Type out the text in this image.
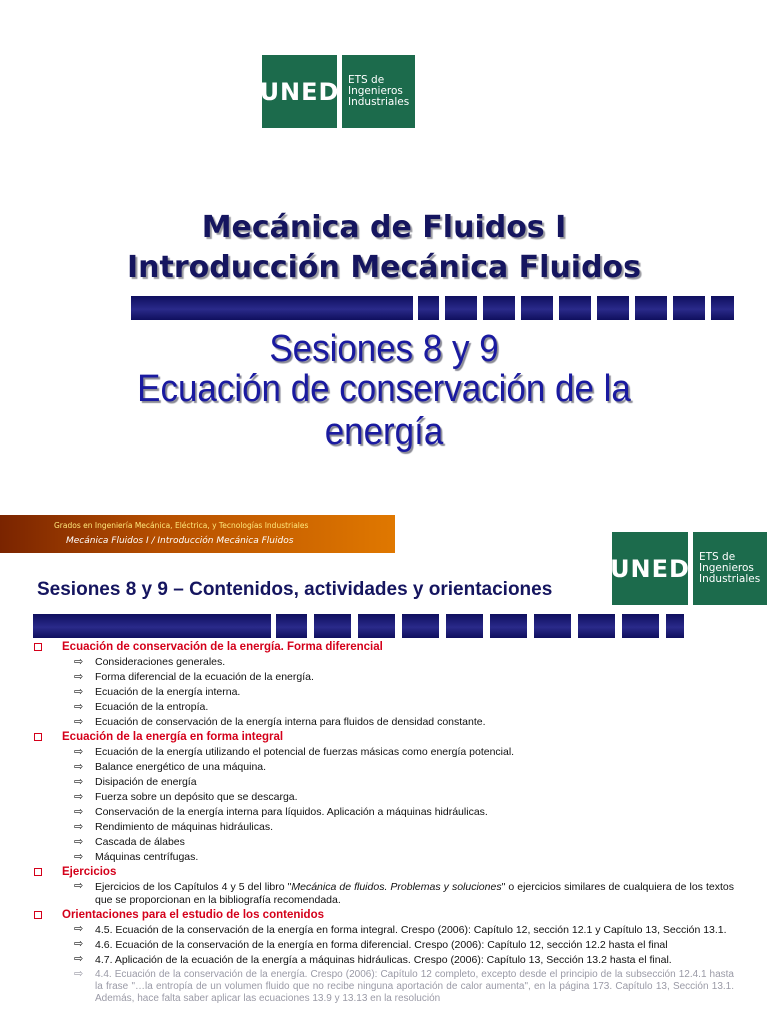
UNED ETS de
Ingenieros
Industriales
Mecánica de Fluidos I
Introducción Mecánica Fluidos
Sesiones 8 y 9
Ecuación de conservación de la
energía
Grados en Ingeniería Mecánica, Eléctrica, y Tecnologías Industriales
Mecánica Fluidos I / Introducción Mecánica Fluidos
UNED ETS de
Ingenieros
Industriales
Sesiones 8 y 9 – Contenidos, actividades y orientaciones
Ecuación de conservación de la energía. Forma diferencial
⇨ Consideraciones generales.
⇨ Forma diferencial de la ecuación de la energía.
⇨ Ecuación de la energía interna.
⇨ Ecuación de la entropía.
⇨ Ecuación de conservación de la energía interna para fluidos de densidad constante.
Ecuación de la energía en forma integral
⇨ Ecuación de la energía utilizando el potencial de fuerzas másicas como energía potencial.
⇨ Balance energético de una máquina.
⇨ Disipación de energía
⇨ Fuerza sobre un depósito que se descarga.
⇨ Conservación de la energía interna para líquidos. Aplicación a máquinas hidráulicas.
⇨ Rendimiento de máquinas hidráulicas.
⇨ Cascada de álabes
⇨ Máquinas centrífugas.
Ejercicios
⇨ Ejercicios de los Capítulos 4 y 5 del libro "Mecánica de fluidos. Problemas y soluciones" o ejercicios similares de cualquiera de los textos que se proporcionan en la bibliografía recomendada.
Orientaciones para el estudio de los contenidos
⇨ 4.5. Ecuación de la conservación de la energía en forma integral. Crespo (2006): Capítulo 12, sección 12.1 y Capítulo 13, Sección 13.1.
⇨ 4.6. Ecuación de la conservación de la energía en forma diferencial. Crespo (2006): Capítulo 12, sección 12.2 hasta el final
⇨ 4.7. Aplicación de la ecuación de la energía a máquinas hidráulicas. Crespo (2006): Capítulo 13, Sección 13.2 hasta el final.
⇨ 4.4. Ecuación de la conservación de la energía. Crespo (2006): Capítulo 12 completo, excepto desde el principio de la subsección 12.4.1 hasta la frase "…la entropía de un volumen fluido que no recibe ninguna aportación de calor aumenta", en la página 173. Capítulo 13, Sección 13.1. Además, hace falta saber aplicar las ecuaciones 13.9 y 13.13 en la resolución
